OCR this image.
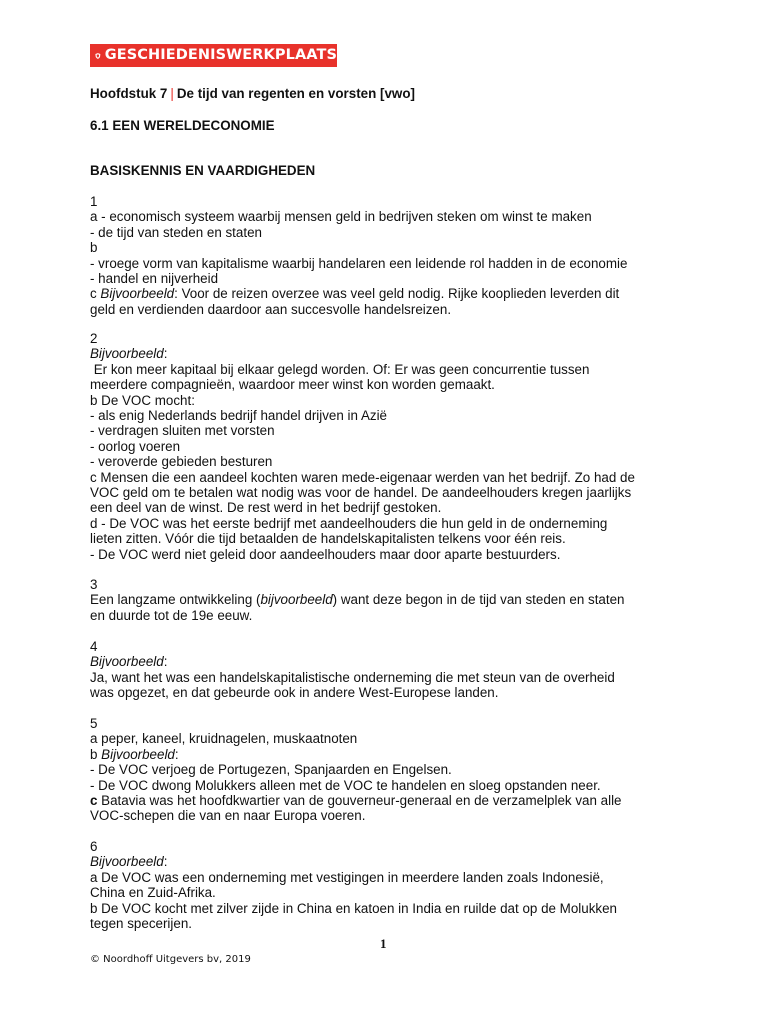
GESCHIEDENISWERKPLAATS
Hoofdstuk 7 | De tijd van regenten en vorsten [vwo]
6.1 EEN WERELDECONOMIE
BASISKENNIS EN VAARDIGHEDEN

1

a - economisch systeem waarbij mensen geld in bedrijven steken om winst te maken

- de tijd van steden en staten

b

- vroege vorm van kapitalisme waarbij handelaren een leidende rol hadden in de economie

- handel en nijverheid

c Bijvoorbeeld: Voor de reizen overzee was veel geld nodig. Rijke kooplieden leverden dit

geld en verdienden daardoor aan succesvolle handelsreizen.

2

Bijvoorbeeld:

Er kon meer kapitaal bij elkaar gelegd worden. Of: Er was geen concurrentie tussen

meerdere compagnieën, waardoor meer winst kon worden gemaakt.

b De VOC mocht:

- als enig Nederlands bedrijf handel drijven in Azië

- verdragen sluiten met vorsten

- oorlog voeren

- veroverde gebieden besturen

c Mensen die een aandeel kochten waren mede-eigenaar werden van het bedrijf. Zo had de

VOC geld om te betalen wat nodig was voor de handel. De aandeelhouders kregen jaarlijks

een deel van de winst. De rest werd in het bedrijf gestoken.

d - De VOC was het eerste bedrijf met aandeelhouders die hun geld in de onderneming

lieten zitten. Vóór die tijd betaalden de handelskapitalisten telkens voor één reis.

- De VOC werd niet geleid door aandeelhouders maar door aparte bestuurders.

3

Een langzame ontwikkeling (bijvoorbeeld) want deze begon in de tijd van steden en staten

en duurde tot de 19e eeuw.

4

Bijvoorbeeld:

Ja, want het was een handelskapitalistische onderneming die met steun van de overheid

was opgezet, en dat gebeurde ook in andere West-Europese landen.

5

a peper, kaneel, kruidnagelen, muskaatnoten

b Bijvoorbeeld:

- De VOC verjoeg de Portugezen, Spanjaarden en Engelsen.

- De VOC dwong Molukkers alleen met de VOC te handelen en sloeg opstanden neer.

c Batavia was het hoofdkwartier van de gouverneur-generaal en de verzamelplek van alle

VOC-schepen die van en naar Europa voeren.

6

Bijvoorbeeld:

a De VOC was een onderneming met vestigingen in meerdere landen zoals Indonesië,

China en Zuid-Afrika.

b De VOC kocht met zilver zijde in China en katoen in India en ruilde dat op de Molukken

tegen specerijen.

1
© Noordhoff Uitgevers bv, 2019
